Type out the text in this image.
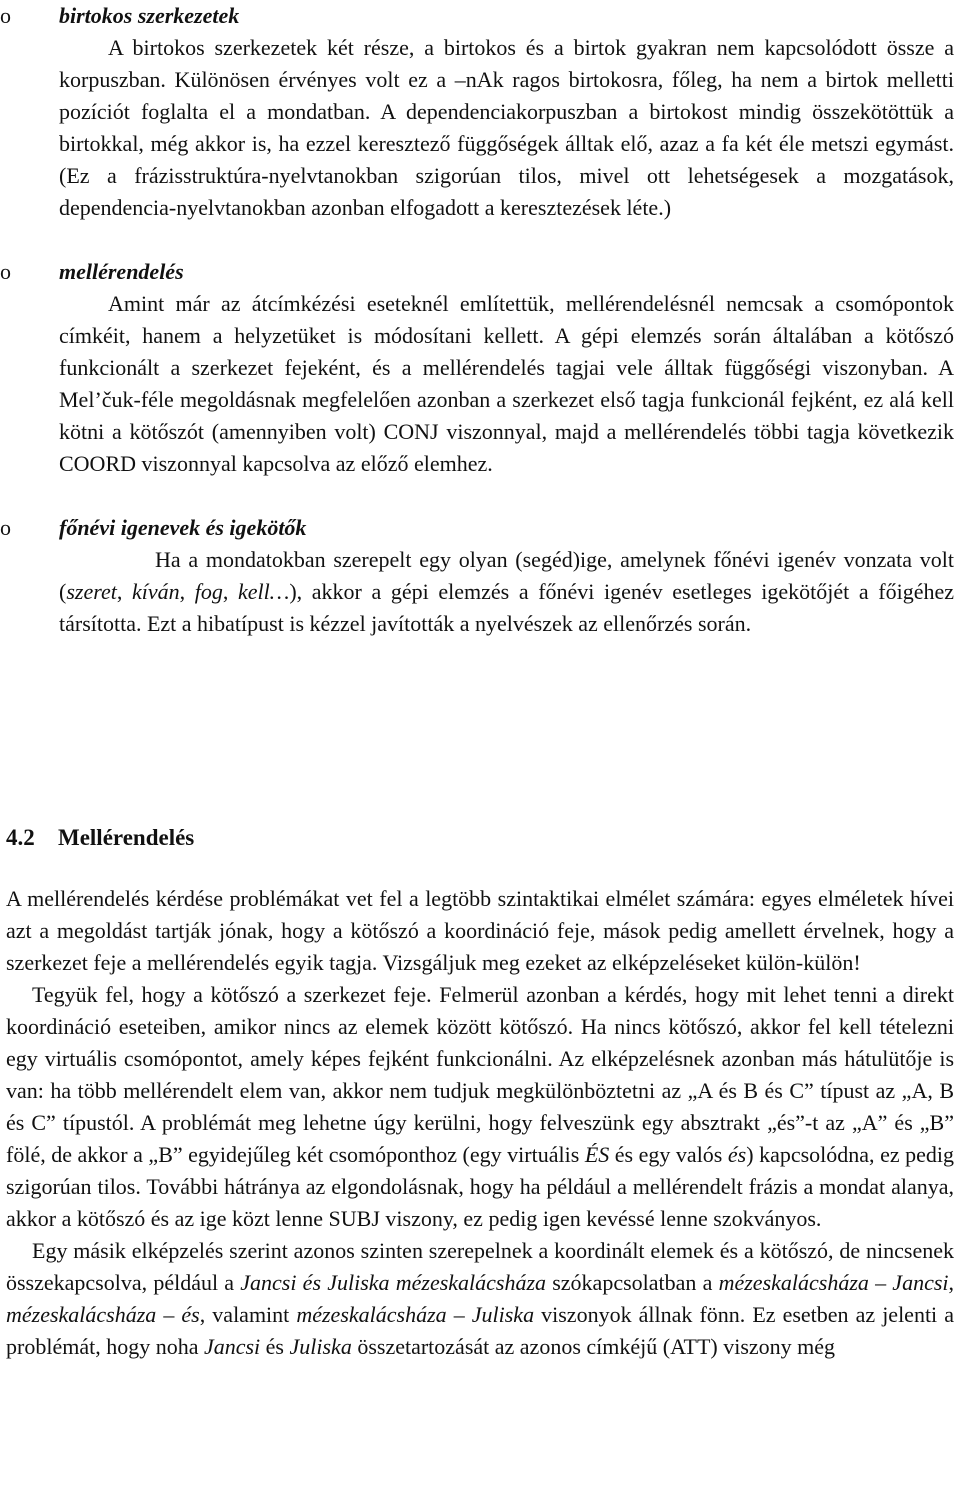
o	birtokos szerkezetek

A birtokos szerkezetek két része, a birtokos és a birtok gyakran nem kapcsolódott össze a korpuszban. Különösen érvényes volt ez a –nAk ragos birtokosra, főleg, ha nem a birtok melletti pozíciót foglalta el a mondatban. A dependenciakorpuszban a birtokost mindig összekötöttük a birtokkal, még akkor is, ha ezzel keresztező függőségek álltak elő, azaz a fa két éle metszi egymást. (Ez a frázisstruktúra-nyelvtanokban szigorúan tilos, mivel ott lehetségesek a mozgatások, dependencia-nyelvtanokban azonban elfogadott a keresztezések léte.)

o	mellérendelés

Amint már az átcímkézési eseteknél említettük, mellérendelésnél nemcsak a csomópontok címkéit, hanem a helyzetüket is módosítani kellett. A gépi elemzés során általában a kötőszó funkcionált a szerkezet fejeként, és a mellérendelés tagjai vele álltak függőségi viszonyban. A Mel’čuk-féle megoldásnak megfelelően azonban a szerkezet első tagja funkcionál fejként, ez alá kell kötni a kötőszót (amennyiben volt) CONJ viszonnyal, majd a mellérendelés többi tagja következik COORD viszonnyal kapcsolva az előző elemhez.

o	főnévi igenevek és igekötők

Ha a mondatokban szerepelt egy olyan (segéd)ige, amelynek főnévi igenév vonzata volt (szeret, kíván, fog, kell…), akkor a gépi elemzés a főnévi igenév esetleges igekötőjét a főigéhez társította. Ezt a hibatípust is kézzel javították a nyelvészek az ellenőrzés során.

4.2 Mellérendelés

A mellérendelés kérdése problémákat vet fel a legtöbb szintaktikai elmélet számára: egyes elméletek hívei azt a megoldást tartják jónak, hogy a kötőszó a koordináció feje, mások pedig amellett érvelnek, hogy a szerkezet feje a mellérendelés egyik tagja. Vizsgáljuk meg ezeket az elképzeléseket külön-külön!

Tegyük fel, hogy a kötőszó a szerkezet feje. Felmerül azonban a kérdés, hogy mit lehet tenni a direkt koordináció eseteiben, amikor nincs az elemek között kötőszó. Ha nincs kötőszó, akkor fel kell tételezni egy virtuális csomópontot, amely képes fejként funkcionálni. Az elképzelésnek azonban más hátulütője is van: ha több mellérendelt elem van, akkor nem tudjuk megkülönböztetni az „A és B és C” típust az „A, B és C” típustól. A problémát meg lehetne úgy kerülni, hogy felveszünk egy absztrakt „és”-t az „A” és „B” fölé, de akkor a „B” egyidejűleg két csomóponthoz (egy virtuális ÉS és egy valós és) kapcsolódna, ez pedig szigorúan tilos. További hátránya az elgondolásnak, hogy ha például a mellérendelt frázis a mondat alanya, akkor a kötőszó és az ige közt lenne SUBJ viszony, ez pedig igen kevéssé lenne szokványos.

Egy másik elképzelés szerint azonos szinten szerepelnek a koordinált elemek és a kötőszó, de nincsenek összekapcsolva, például a Jancsi és Juliska mézeskalácsháza szókapcsolatban a mézeskalácsháza – Jancsi, mézeskalácsháza – és, valamint mézeskalácsháza – Juliska viszonyok állnak fönn. Ez esetben az jelenti a problémát, hogy noha Jancsi és Juliska összetartozását az azonos címkéjű (ATT) viszony még
